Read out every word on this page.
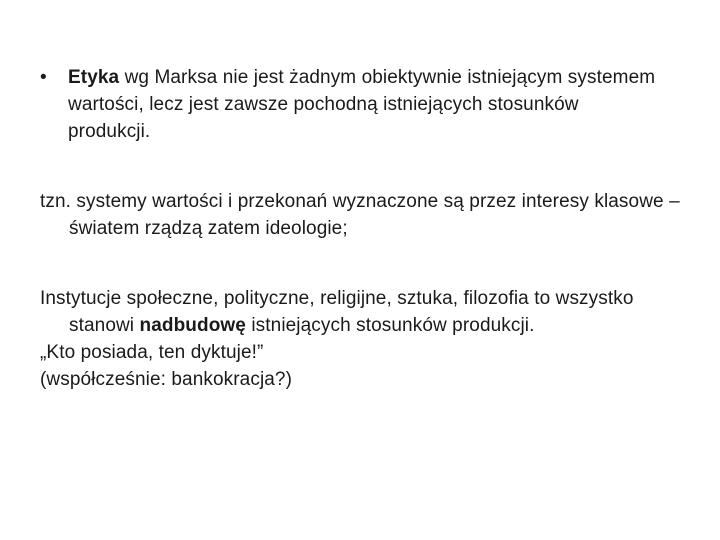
•	Etyka wg Marksa nie jest żadnym obiektywnie istniejącym systemem wartości, lecz jest zawsze pochodną istniejących stosunków produkcji.

tzn. systemy wartości i przekonań wyznaczone są przez interesy klasowe – światem rządzą zatem ideologie;

Instytucje społeczne, polityczne, religijne, sztuka, filozofia to wszystko stanowi nadbudowę istniejących stosunków produkcji.

„Kto posiada, ten dyktuje!”

(współcześnie: bankokracja?)
